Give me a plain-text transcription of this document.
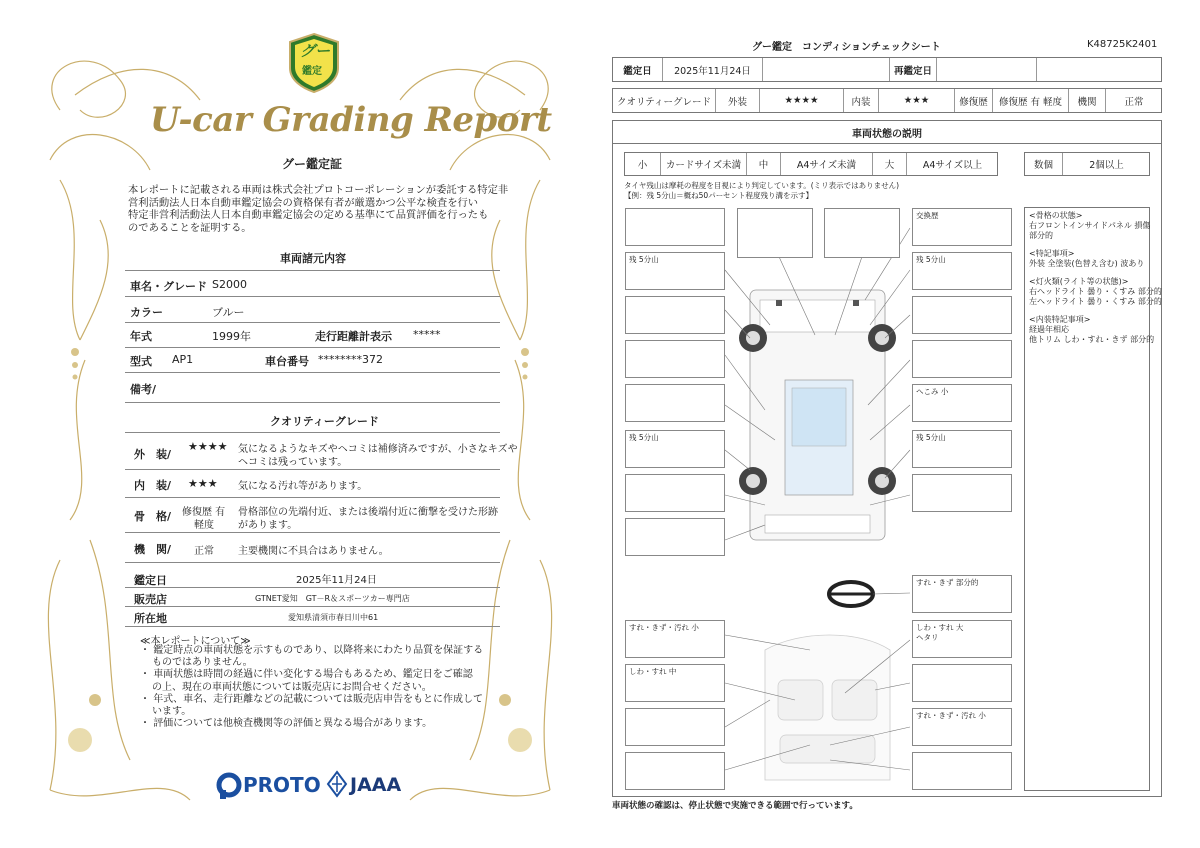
グー
鑑定
U-car Grading Report
グー鑑定証
本レポートに記載される車両は株式会社プロトコーポレーションが委託する特定非
営利活動法人日本自動車鑑定協会の資格保有者が厳選かつ公平な検査を行い
特定非営利活動法人日本自動車鑑定協会の定める基準にて品質評価を行ったも
のであることを証明する。
車両諸元内容
車名・グレード S2000
カラー	ブルー
年式	1999年	走行距離計表示 *****
型式 AP1	車台番号 ********372
備考/
クオリティーグレード
外　装/
★★★★ 気になるようなキズやヘコミは補修済みですが、小さなキズや
ヘコミは残っています。
内　装/ ★★★ 気になる汚れ等があります。
骨　格/ 修復歴 有
軽度
骨格部位の先端付近、または後端付近に衝撃を受けた形跡
があります。
機　関/ 正常 主要機関に不具合はありません。
鑑定日	2025年11月24日
販売店	GTNET愛知　GT－R＆スポーツカー専門店
所在地	愛知県清須市春日川中61
≪本レポートについて≫
・ 鑑定時点の車両状態を示すものであり、以降将来にわたり品質を保証する
ものではありません。
・ 車両状態は時間の経過に伴い変化する場合もあるため、鑑定日をご確認
の上、現在の車両状態については販売店にお問合せください。
・ 年式、車名、走行距離などの記載については販売店申告をもとに作成して
います。
・ 評価については他検査機関等の評価と異なる場合があります。
PROTO JAAA
グー鑑定　コンディションチェックシート	K48725K2401
鑑定日	2025年11月24日	再鑑定日
クオリティーグレード	外装	★★★★	内装	★★★	修復歴	修復歴 有 軽度	機関	正常
車両状態の説明
小	カードサイズ未満	中	A4サイズ未満	大	A4サイズ以上	数個	2個以上
タイヤ残山は摩耗の程度を目視により判定しています。(ミリ表示ではありません)
【例：残 5分山＝概ね50パーセント程度残り溝を示す】
残 5分山
残 5分山
交換歴
残 5分山
へこみ 小
残 5分山
すれ・きず 部分的
すれ・きず・汚れ 小
しわ・すれ 中
しわ・すれ 大
ヘタリ
すれ・きず・汚れ 小
<骨格の状態>
右フロントインサイドパネル 損傷
部分的
<特記事項>
外装 全塗装(色替え含む) 波あり
<灯火類(ライト等の状態)>
右ヘッドライト 曇り・くすみ 部分的
左ヘッドライト 曇り・くすみ 部分的
<内装特記事項>
経過年相応
他トリム しわ・すれ・きず 部分的
車両状態の確認は、停止状態で実施できる範囲で行っています。
